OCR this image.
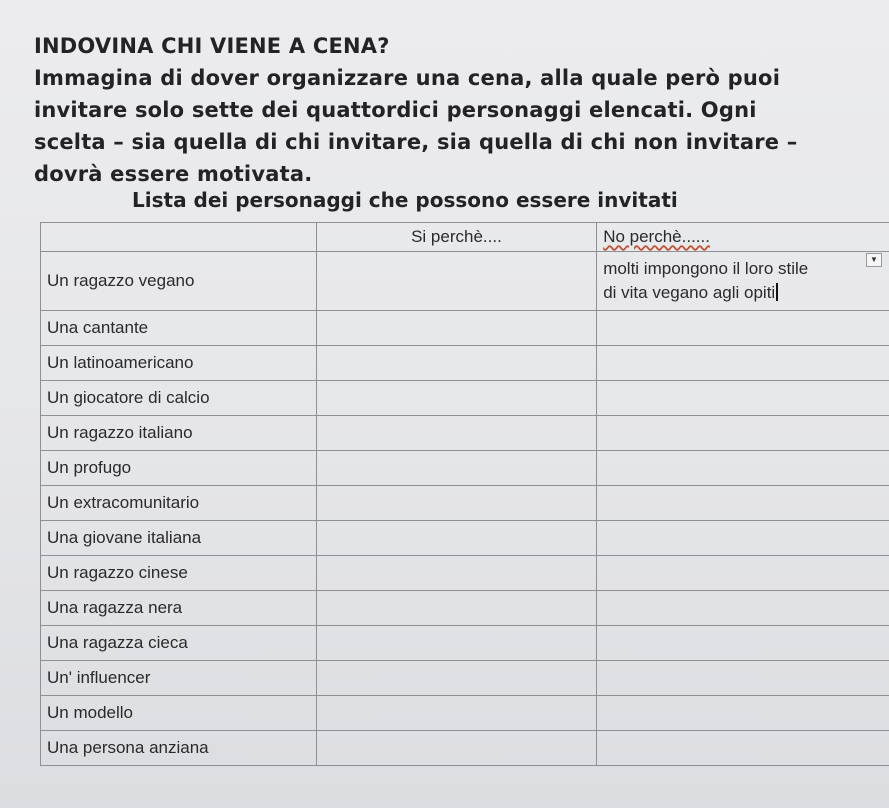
INDOVINA CHI VIENE A CENA?
Immagina di dover organizzare una cena, alla quale però puoi
invitare solo sette dei quattordici personaggi elencati. Ogni
scelta – sia quella di chi invitare, sia quella di chi non invitare –
dovrà essere motivata.
Lista dei personaggi che possono essere invitati
	Si perchè....	No perchè......
Un ragazzo vegano		molti impongono il loro stile
di vita vegano agli opiti

Una cantante		
Un latinoamericano		
Un giocatore di calcio		
Un ragazzo italiano		
Un profugo		
Un extracomunitario		
Una giovane italiana		
Un ragazzo cinese		
Una ragazza nera		
Una ragazza cieca		
Un' influencer		
Un modello		
Una persona anziana		
▼
